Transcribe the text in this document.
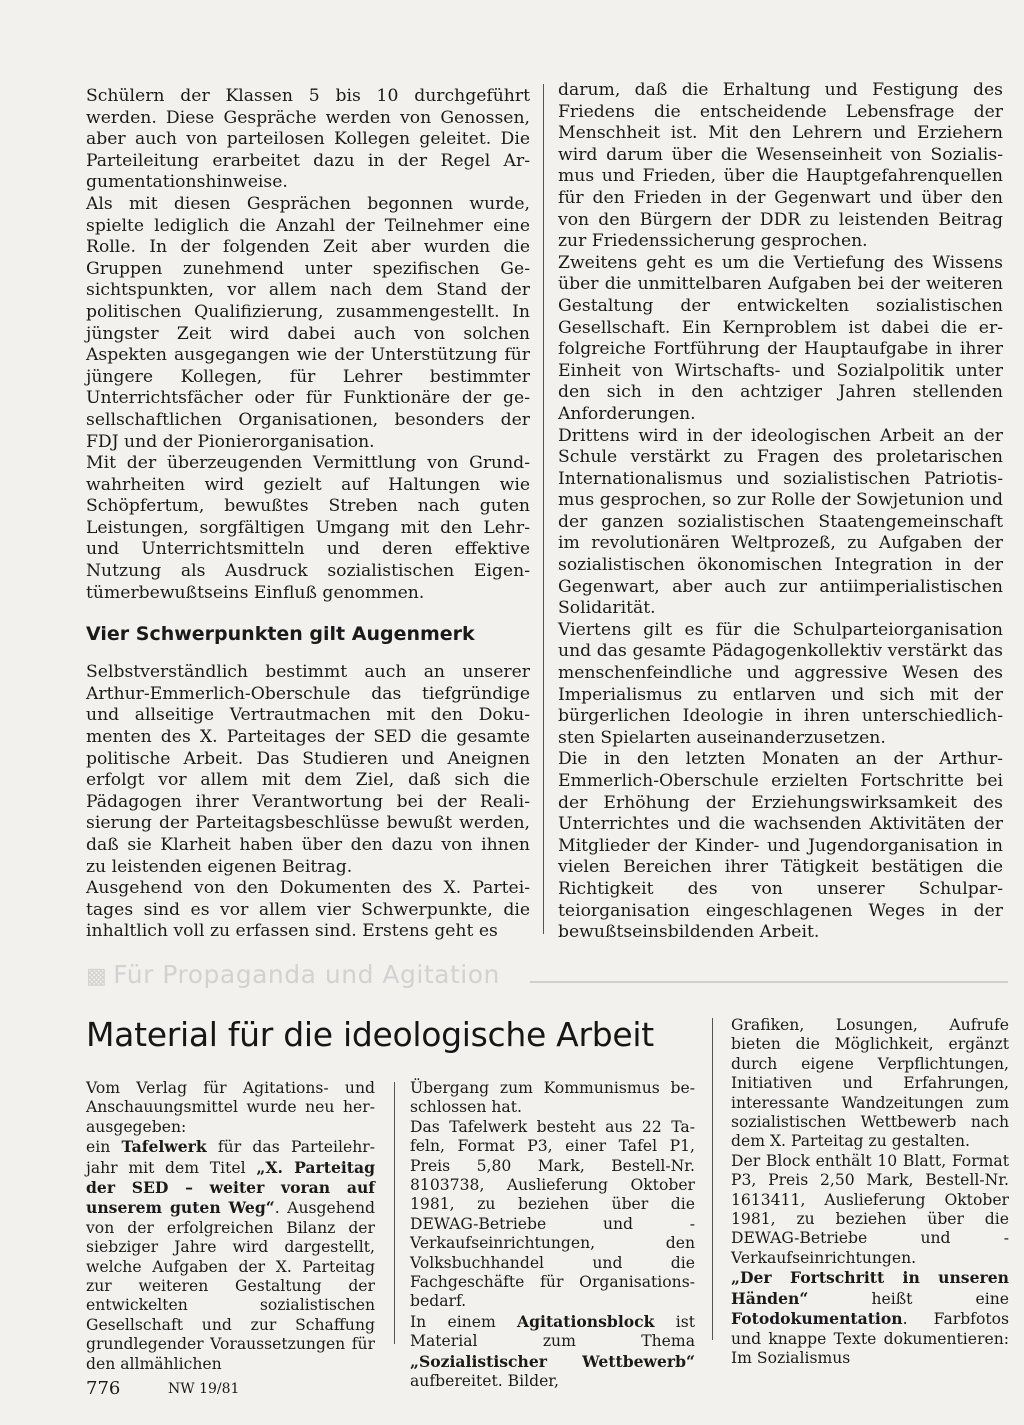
Schülern der Klassen 5 bis 10 durchgeführt werden. Diese Gespräche werden von Genossen, aber auch von parteilosen Kollegen geleitet. Die Parteileitung erarbeitet dazu in der Regel Argumentationshinweise.

Als mit diesen Gesprächen begonnen wurde, spielte lediglich die Anzahl der Teilnehmer eine Rolle. In der folgenden Zeit aber wurden die Gruppen zunehmend unter spezifischen Gesichtspunkten, vor allem nach dem Stand der politischen Qualifizierung, zusammengestellt. In jüngster Zeit wird dabei auch von solchen Aspekten ausgegangen wie der Unterstützung für jüngere Kollegen, für Lehrer bestimmter Unterrichtsfächer oder für Funktionäre der gesellschaftlichen Organisationen, besonders der FDJ und der Pionierorganisation.

Mit der überzeugenden Vermittlung von Grundwahrheiten wird gezielt auf Haltungen wie Schöpfertum, bewußtes Streben nach guten Leistungen, sorgfältigen Umgang mit den Lehr- und Unterrichtsmitteln und deren effektive Nutzung als Ausdruck sozialistischen Eigentümerbewußtseins Einfluß genommen.

Vier Schwerpunkten gilt Augenmerk

Selbstverständlich bestimmt auch an unserer Arthur-Emmerlich-Oberschule das tiefgründige und allseitige Vertrautmachen mit den Dokumenten des X. Parteitages der SED die gesamte politische Arbeit. Das Studieren und Aneignen erfolgt vor allem mit dem Ziel, daß sich die Pädagogen ihrer Verantwortung bei der Realisierung der Parteitagsbeschlüsse bewußt werden, daß sie Klarheit haben über den dazu von ihnen zu leistenden eigenen Beitrag.

Ausgehend von den Dokumenten des X. Parteitages sind es vor allem vier Schwerpunkte, die inhaltlich voll zu erfassen sind. Erstens geht es

darum, daß die Erhaltung und Festigung des Friedens die entscheidende Lebensfrage der Menschheit ist. Mit den Lehrern und Erziehern wird darum über die Wesenseinheit von Sozialismus und Frieden, über die Hauptgefahrenquellen für den Frieden in der Gegenwart und über den von den Bürgern der DDR zu leistenden Beitrag zur Friedenssicherung gesprochen.

Zweitens geht es um die Vertiefung des Wissens über die unmittelbaren Aufgaben bei der weiteren Gestaltung der entwickelten sozialistischen Gesellschaft. Ein Kernproblem ist dabei die erfolgreiche Fortführung der Hauptaufgabe in ihrer Einheit von Wirtschafts- und Sozialpolitik unter den sich in den achtziger Jahren stellenden Anforderungen.

Drittens wird in der ideologischen Arbeit an der Schule verstärkt zu Fragen des proletarischen Internationalismus und sozialistischen Patriotismus gesprochen, so zur Rolle der Sowjetunion und der ganzen sozialistischen Staatengemeinschaft im revolutionären Weltprozeß, zu Aufgaben der sozialistischen ökonomischen Integration in der Gegenwart, aber auch zur antiimperialistischen Solidarität.

Viertens gilt es für die Schulparteiorganisation und das gesamte Pädagogenkollektiv verstärkt das menschenfeindliche und aggressive Wesen des Imperialismus zu entlarven und sich mit der bürgerlichen Ideologie in ihren unterschiedlichsten Spielarten auseinanderzusetzen.

Die in den letzten Monaten an der Arthur-Emmerlich-Oberschule erzielten Fortschritte bei der Erhöhung der Erziehungswirksamkeit des Unterrichtes und die wachsenden Aktivitäten der Mitglieder der Kinder- und Jugendorganisation in vielen Bereichen ihrer Tätigkeit bestätigen die Richtigkeit des von unserer Schulparteiorganisation eingeschlagenen Weges in der bewußtseinsbildenden Arbeit.

▩ Für Propaganda und Agitation
Material für die ideologische Arbeit

Vom Verlag für Agitations- und Anschauungsmittel wurde neu herausgegeben:

ein Tafelwerk für das Parteilehrjahr mit dem Titel „X. Parteitag der SED – weiter voran auf unserem guten Weg“. Ausgehend von der erfolgreichen Bilanz der siebziger Jahre wird dargestellt, welche Aufgaben der X. Parteitag zur weiteren Gestaltung der entwickelten sozialistischen Gesellschaft und zur Schaffung grundlegender Voraussetzungen für den allmählichen

Übergang zum Kommunismus beschlossen hat.

Das Tafelwerk besteht aus 22 Tafeln, Format P3, einer Tafel P1, Preis 5,80 Mark, Bestell-Nr. 8103738, Auslieferung Oktober 1981, zu beziehen über die DEWAG-Betriebe und -Verkaufseinrichtungen, den Volksbuchhandel und die Fachgeschäfte für Organisationsbedarf.

In einem Agitationsblock ist Material zum Thema „Sozialistischer Wettbewerb“ aufbereitet. Bilder,

Grafiken, Losungen, Aufrufe bieten die Möglichkeit, ergänzt durch eigene Verpflichtungen, Initiativen und Erfahrungen, interessante Wandzeitungen zum sozialistischen Wettbewerb nach dem X. Parteitag zu gestalten.

Der Block enthält 10 Blatt, Format P3, Preis 2,50 Mark, Bestell-Nr. 1613411, Auslieferung Oktober 1981, zu beziehen über die DEWAG-Betriebe und -Verkaufseinrichtungen.

„Der Fortschritt in unseren Händen“ heißt eine Fotodokumentation. Farbfotos und knappe Texte dokumentieren: Im Sozialismus

776	NW 19/81
